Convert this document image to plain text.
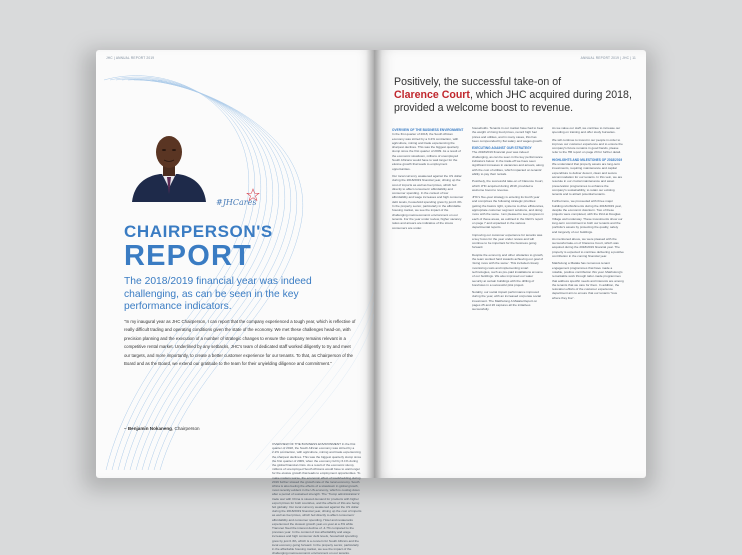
JHC | ANNUAL REPORT 2019
#JHCares
CHAIRPERSON'S
REPORT
The 2018/2019 financial year was indeed challenging, as can be seen in the key performance indicators.
"In my inaugural year as JHC Chairperson, I can report that the company experienced a tough year, which is reflective of really difficult trading and operating conditions given the state of the economy. We met these challenges head-on, with precision planning and the execution of a number of strategic changes to ensure the company remains relevant in a competitive rental market. Underlined by any setbacks, JHC's team of dedicated staff worked diligently to try and meet our targets, and more importantly, to create a better customer experience for our tenants. To that, as Chairperson of the Board and as the Board, we extend our gratitude to the team for their unyielding diligence and commitment."
– Benjamin Nokaneng, Chairperson
OVERVIEW OF THE BUSINESS ENVIRONMENT In the first quarter of 2018, the South African economy was stirred by a 2.2% contraction, with agriculture, mining and trade experiencing the sharpest declines. This was the biggest quarterly slump since the first quarter of 2009, when the economy fell by 6.1% during the global financial crisis. As a result of the economic slump, millions of unemployed South Africans would have to wait longer for the elusive growth that leads to employment opportunities. To make matters worse, the economic effect of loadshedding during 2019 further slowed the growth rate of the local economy. South Africa is also feeling the effects of a slowdown in global growth, most recently evident in the US economy, which is cooling down after a period of sustained strength. The 'Trump administration's' trade war with China is slowed demand for products with higher export prices for both countries, and the effects of this are being felt globally. Our local currency weakened against the US dollar during the 2018/2019 financial year, driving up the cost of imports as well as fuel prices, which fed directly to affect consumers' affordability and consumer spending. Hotel and restaurants experienced the slowest growth year-on-year at a 3% while Transnet fixed the interest decline of -4.7% compared to the previous year. In the context of low affordability and wage increases and high consumer debt levels, household spending grew by just 0.4%, which is a concern for South Africa's and the local economy going forward. In the property sector, particularly in the affordable housing market, we see the impact of the challenging macroeconomic environment on our tenants.
ANNUAL REPORT 2019 | JHC | 11
Positively, the successful take-on of
Clarence Court, which JHC acquired during 2018, provided a welcome boost to revenue.
OVERVIEW OF THE BUSINESS ENVIRONMENT

In the first quarter of 2018, the South African economy was stirred by a 3.2% contraction, with agriculture, mining and trade experiencing the sharpest declines. This was the biggest quarterly slump since the first quarter of 2009. As a result of the economic slowdown, millions of unemployed South Africans would have to wait longer for the elusive growth that leads to employment opportunities.

Our local currency weakened against the US dollar during the 2018/2019 financial year, driving up the cost of imports as well as fuel prices, which fed directly to affect consumers' affordability and consumer spending. In the context of low affordability and wage increases and high consumer debt levels, household spending grew by just 0.4%. In the property sector, particularly in the affordable housing market, we see the impact of the challenging macroeconomic environment on our tenants. For the year under review, higher vacancy ratios and arrears are indicative of the stress consumers are under.

households. Tenants in our market have had to bear the weight of rising food prices, record high fuel prices and utilities, and in many cases, this has been compounded by flat salary and wages growth.

EXECUTING AGAINST OUR STRATEGY

The 2018/2019 financial year was indeed challenging, as can be seen in the key performance indicators below. In the trade-off we have seen significant increases in vacancies and arrears, along with the cost of utilities, which impacted on tenants' ability to pay their rentals.

Positively, the successful take-on of Clarence Court, which JHC acquired during 2018, provided a welcome boost to revenue.

JHC's five-year strategy is entering its fourth year and comprises the following strategic priorities: getting the basics right, systems to drive efficiencies, appropriate customer segment solutions, and doing more with the same. I am pleased to see progress in each of these areas, as outlined in the CEO's report on page 7 and unpacked in the various departmental reports.

Improving our customer experience for tenants was a key focus for the year under review and will continue to be important for the business going forward.

Despite the economy and other obstacles to growth, the team worked hard towards achieving our goal of 'doing more with the same'. This included closely monitoring costs and implementing smart technologies, such as pre-paid installations at some of our buildings. We also improved our water security at certain buildings with the drilling of boreholes in a successful pilot project.

Notably, our social impact performance improved during the year, with an increased corporate social investment. The Makhulong A Matala Report on pages 25 and 26 captures all the initiatives successfully.

As we value our staff, we continue to increase our spending on training and offer study bursaries.

We will continue to invest in our people in order to improve our customer experience and to ensure the company's future remains in good hands, please refer to the HR report on page 23 for further detail.

HIGHLIGHTS AND MILESTONES OF 2018/2019

We understand that property assets are long-term investments, requiring maintenance and capital expenditure to deliver decent, clean and secure accommodation for our tenants. In this vein, we are resolute in our crucial maintenance and asset preservation programmes to enhance the company's sustainability, to retain our existing tenants and to attract potential tenants.

Furthermore, we proceeded with three major building refurbishments during the 2018/2019 year, despite the economic downturn. Two of these projects were completed, with the third at Douglas Village well underway. These investments show our long-term commitment to both our tenants and the portfolio's assets by protecting the quality, safety and longevity of our buildings.

As mentioned above, we were pleased with the successful take-on of Clarence Court, which was acquired during the 2018/2019 financial year. The property is expected to continue delivering a positive contribution in the coming financial year.

Makhulong a Matala has numerous tenant engagement programmes that have made a notable, positive contribution this year. Makhulong's remarkable work through tailor-made programmes that address specific needs and interests are among the tenants that we care for them. In addition, the relocation efforts of the customer experience department aim to ensure that our tenants "love where they live".
